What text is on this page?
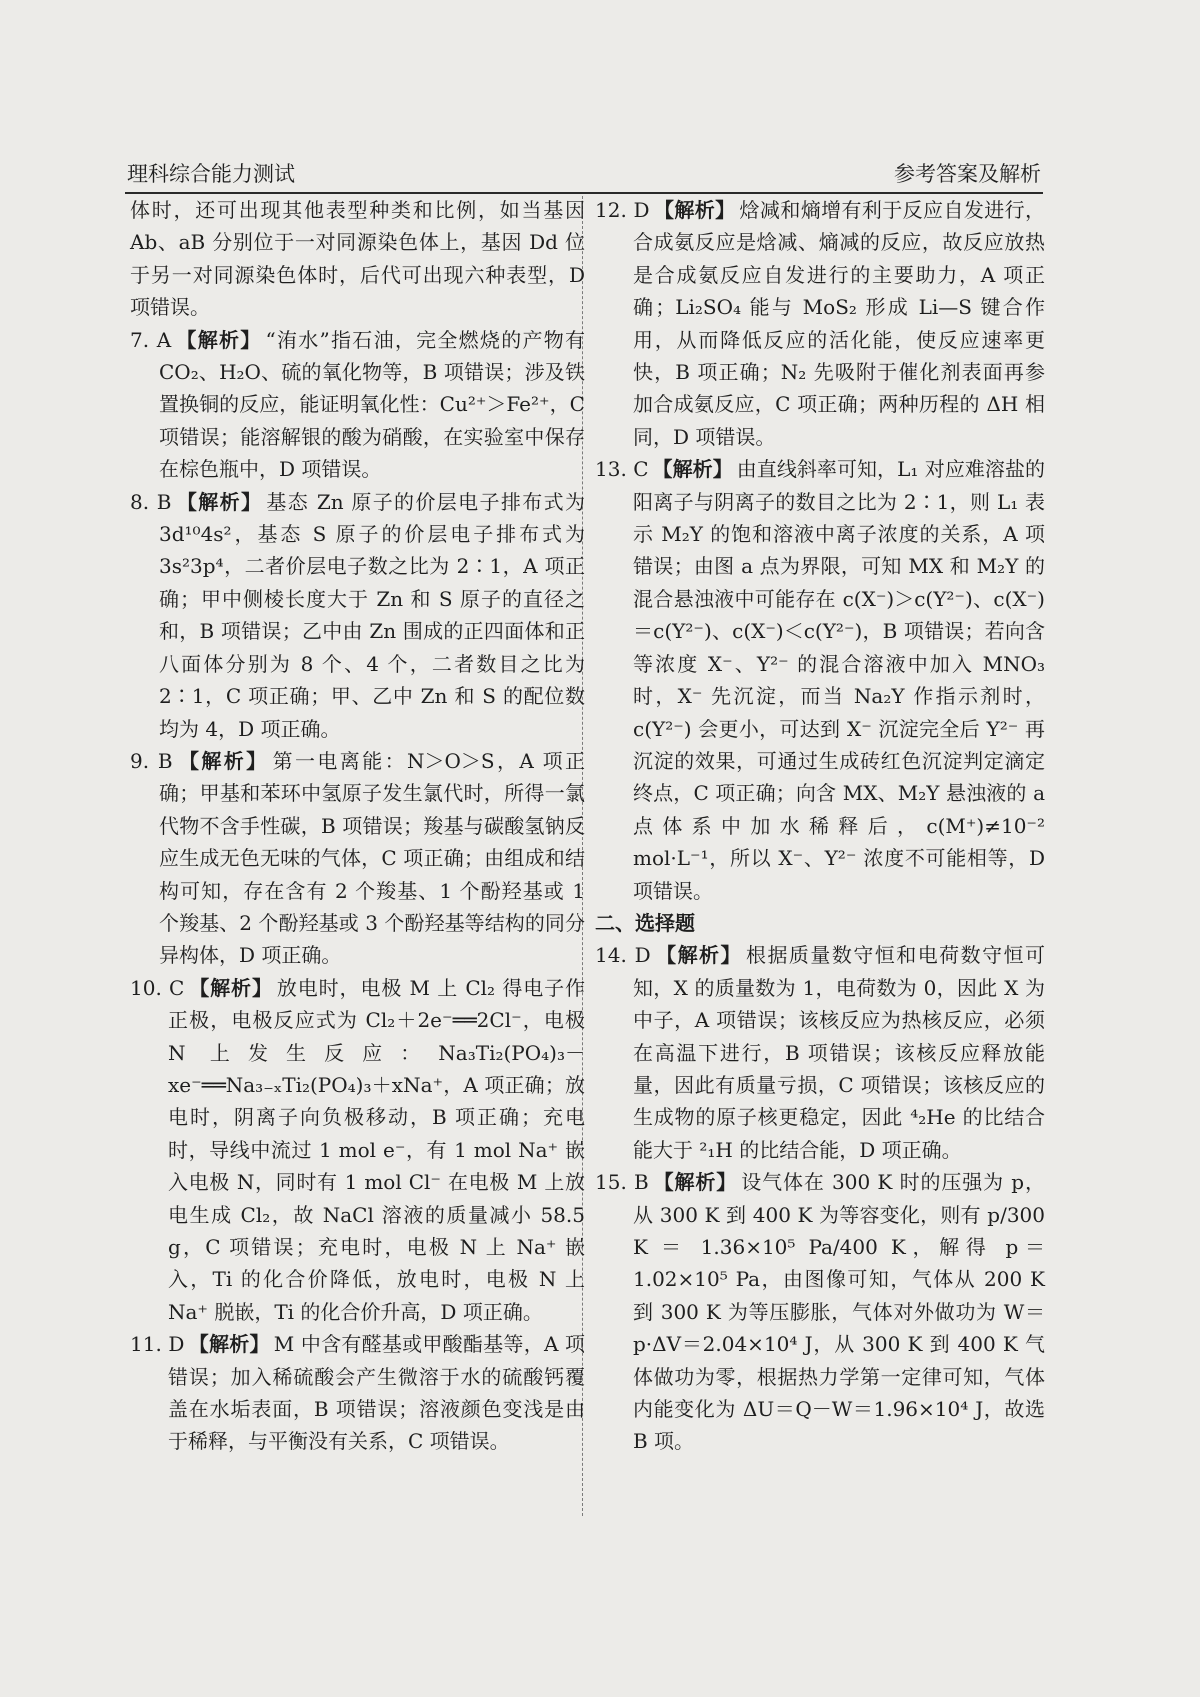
理科综合能力测试	参考答案及解析

体时，还可出现其他表型种类和比例，如当基因 Ab、aB 分别位于一对同源染色体上，基因 Dd 位于另一对同源染色体时，后代可出现六种表型，D 项错误。

7. A 【解析】 “洧水”指石油，完全燃烧的产物有 CO₂、H₂O、硫的氧化物等，B 项错误；涉及铁置换铜的反应，能证明氧化性：Cu²⁺＞Fe²⁺，C 项错误；能溶解银的酸为硝酸，在实验室中保存在棕色瓶中，D 项错误。

8. B 【解析】 基态 Zn 原子的价层电子排布式为 3d¹⁰4s²，基态 S 原子的价层电子排布式为 3s²3p⁴，二者价层电子数之比为 2∶1，A 项正确；甲中侧棱长度大于 Zn 和 S 原子的直径之和，B 项错误；乙中由 Zn 围成的正四面体和正八面体分别为 8 个、4 个，二者数目之比为 2∶1，C 项正确；甲、乙中 Zn 和 S 的配位数均为 4，D 项正确。

9. B 【解析】 第一电离能：N＞O＞S，A 项正确；甲基和苯环中氢原子发生氯代时，所得一氯代物不含手性碳，B 项错误；羧基与碳酸氢钠反应生成无色无味的气体，C 项正确；由组成和结构可知，存在含有 2 个羧基、1 个酚羟基或 1 个羧基、2 个酚羟基或 3 个酚羟基等结构的同分异构体，D 项正确。

10. C 【解析】 放电时，电极 M 上 Cl₂ 得电子作正极，电极反应式为 Cl₂＋2e⁻══2Cl⁻，电极 N 上发生反应：Na₃Ti₂(PO₄)₃－xe⁻══Na₃₋ₓTi₂(PO₄)₃＋xNa⁺，A 项正确；放电时，阴离子向负极移动，B 项正确；充电时，导线中流过 1 mol e⁻，有 1 mol Na⁺ 嵌入电极 N，同时有 1 mol Cl⁻ 在电极 M 上放电生成 Cl₂，故 NaCl 溶液的质量减小 58.5 g，C 项错误；充电时，电极 N 上 Na⁺ 嵌入，Ti 的化合价降低，放电时，电极 N 上 Na⁺ 脱嵌，Ti 的化合价升高，D 项正确。

11. D 【解析】 M 中含有醛基或甲酸酯基等，A 项错误；加入稀硫酸会产生微溶于水的硫酸钙覆盖在水垢表面，B 项错误；溶液颜色变浅是由于稀释，与平衡没有关系，C 项错误。

12. D 【解析】 焓减和熵增有利于反应自发进行，合成氨反应是焓减、熵减的反应，故反应放热是合成氨反应自发进行的主要助力，A 项正确；Li₂SO₄ 能与 MoS₂ 形成 Li—S 键合作用，从而降低反应的活化能，使反应速率更快，B 项正确；N₂ 先吸附于催化剂表面再参加合成氨反应，C 项正确；两种历程的 ΔH 相同，D 项错误。

13. C 【解析】 由直线斜率可知，L₁ 对应难溶盐的阳离子与阴离子的数目之比为 2∶1，则 L₁ 表示 M₂Y 的饱和溶液中离子浓度的关系，A 项错误；由图 a 点为界限，可知 MX 和 M₂Y 的混合悬浊液中可能存在 c(X⁻)＞c(Y²⁻)、c(X⁻)＝c(Y²⁻)、c(X⁻)＜c(Y²⁻)，B 项错误；若向含等浓度 X⁻、Y²⁻ 的混合溶液中加入 MNO₃ 时，X⁻ 先沉淀，而当 Na₂Y 作指示剂时，c(Y²⁻) 会更小，可达到 X⁻ 沉淀完全后 Y²⁻ 再沉淀的效果，可通过生成砖红色沉淀判定滴定终点，C 项正确；向含 MX、M₂Y 悬浊液的 a 点体系中加水稀释后，c(M⁺)≠10⁻² mol·L⁻¹，所以 X⁻、Y²⁻ 浓度不可能相等，D 项错误。

二、选择题

14. D 【解析】 根据质量数守恒和电荷数守恒可知，X 的质量数为 1，电荷数为 0，因此 X 为中子，A 项错误；该核反应为热核反应，必须在高温下进行，B 项错误；该核反应释放能量，因此有质量亏损，C 项错误；该核反应的生成物的原子核更稳定，因此 ⁴₂He 的比结合能大于 ²₁H 的比结合能，D 项正确。

15. B 【解析】 设气体在 300 K 时的压强为 p，从 300 K 到 400 K 为等容变化，则有 p/300 K ＝ 1.36×10⁵ Pa/400 K，解得 p＝1.02×10⁵ Pa，由图像可知，气体从 200 K 到 300 K 为等压膨胀，气体对外做功为 W＝p·ΔV＝2.04×10⁴ J，从 300 K 到 400 K 气体做功为零，根据热力学第一定律可知，气体内能变化为 ΔU＝Q－W＝1.96×10⁴ J，故选 B 项。
